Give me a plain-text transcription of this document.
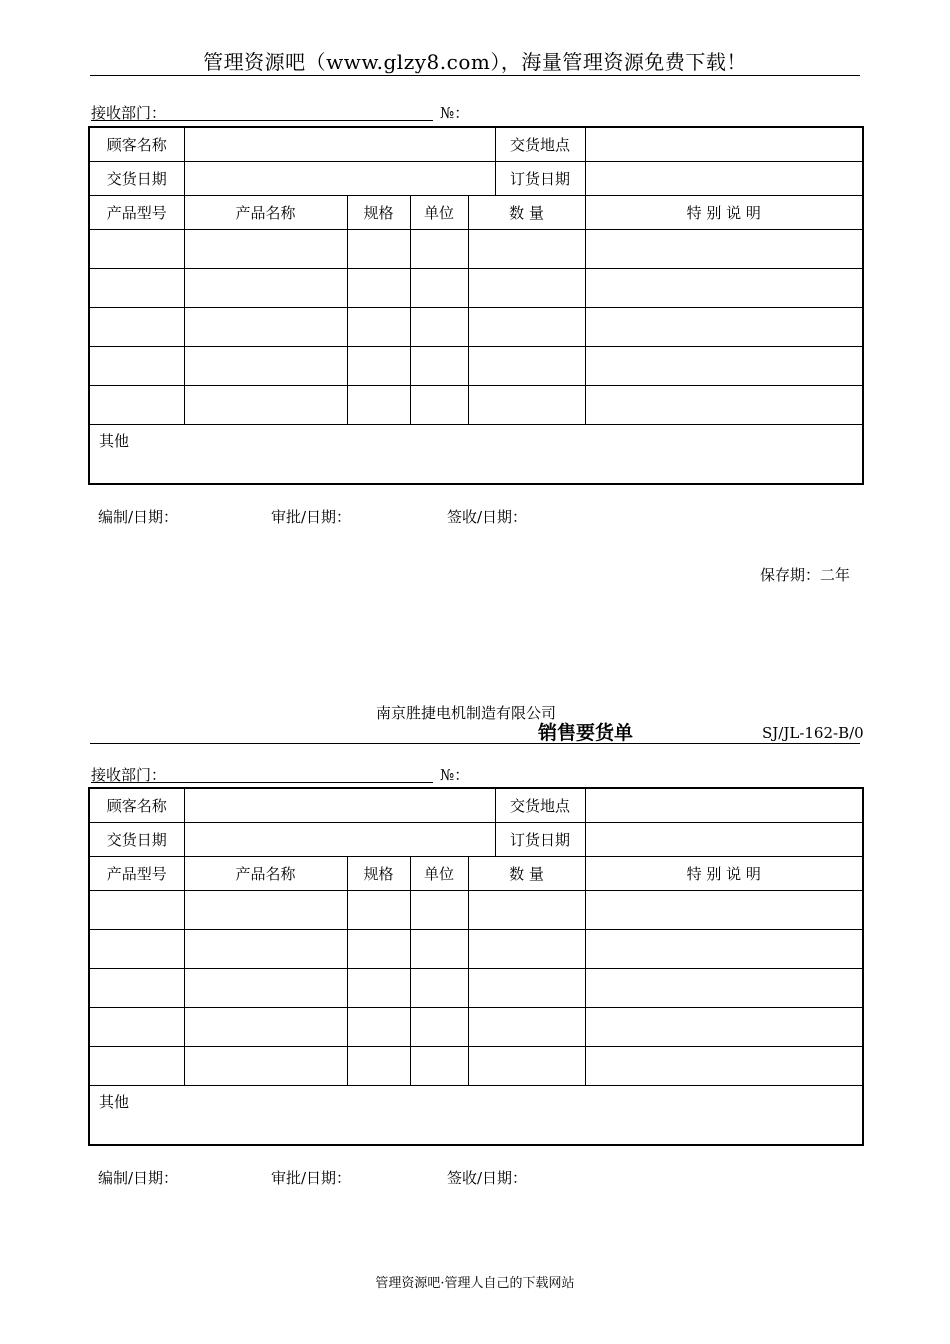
管理资源吧（www.glzy8.com），海量管理资源免费下载！
接收部门：	№：
顾客名称					交货地点	
交货日期					订货日期	
产品型号	产品名称	规格	单位	数 量		特 别 说 明

其他						
编制/日期：	审批/日期：	签收/日期：
保存期：二年
南京胜捷电机制造有限公司
销售要货单	SJ/JL-162-B/0
接收部门：	№：
顾客名称					交货地点	
交货日期					订货日期	
产品型号	产品名称	规格	单位	数 量		特 别 说 明

其他						
编制/日期：	审批/日期：	签收/日期：
管理资源吧·管理人自己的下载网站
